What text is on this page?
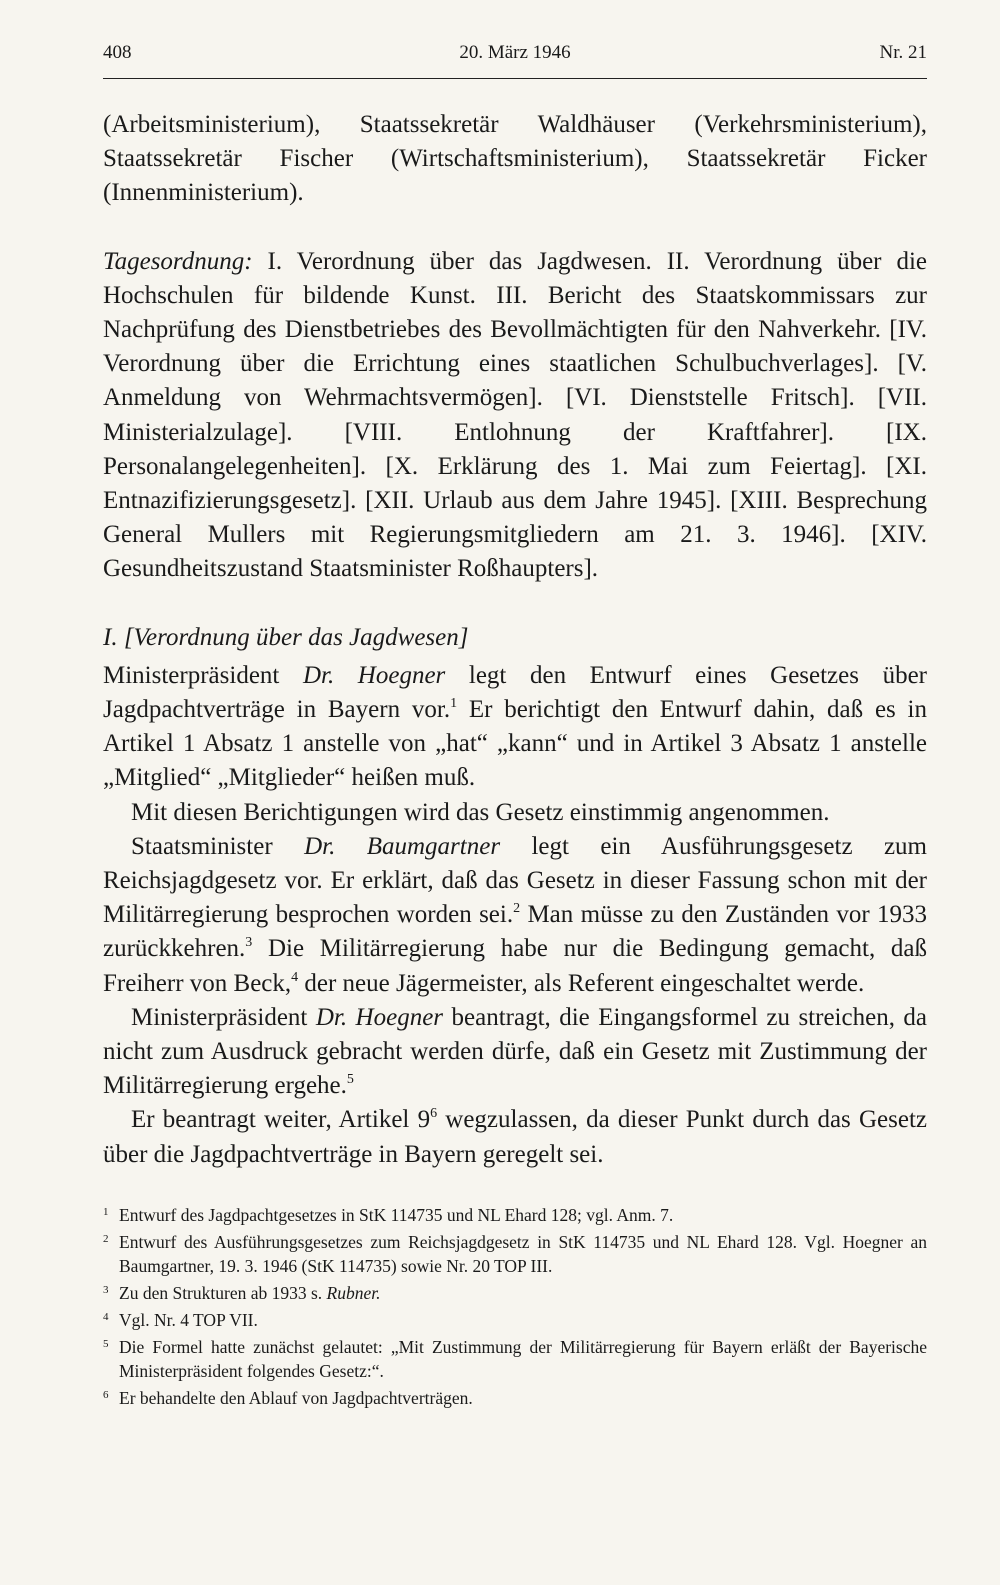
20. März 1946
408	Nr. 21

(Arbeitsministerium), Staatssekretär Waldhäuser (Verkehrsministerium), Staatssekretär Fischer (Wirtschaftsministerium), Staatssekretär Ficker (Innenministerium).

Tagesordnung: I. Verordnung über das Jagdwesen. II. Verordnung über die Hochschulen für bildende Kunst. III. Bericht des Staatskommissars zur Nachprüfung des Dienstbetriebes des Bevollmächtigten für den Nahverkehr. [IV. Verordnung über die Errichtung eines staatlichen Schulbuchverlages]. [V. Anmeldung von Wehrmachtsvermögen]. [VI. Dienststelle Fritsch]. [VII. Ministerialzulage]. [VIII. Entlohnung der Kraftfahrer]. [IX. Personalangelegenheiten]. [X. Erklärung des 1. Mai zum Feiertag]. [XI. Entnazifizierungsgesetz]. [XII. Urlaub aus dem Jahre 1945]. [XIII. Besprechung General Mullers mit Regierungsmitgliedern am 21. 3. 1946]. [XIV. Gesundheitszustand Staatsminister Roßhaupters].

I. [Verordnung über das Jagdwesen]

Ministerpräsident Dr. Hoegner legt den Entwurf eines Gesetzes über Jagdpachtverträge in Bayern vor.$^1$ Er berichtigt den Entwurf dahin, daß es in Artikel 1 Absatz 1 anstelle von „hat“ „kann“ und in Artikel 3 Absatz 1 anstelle „Mitglied“ „Mitglieder“ heißen muß.

Mit diesen Berichtigungen wird das Gesetz einstimmig angenommen.

Staatsminister Dr. Baumgartner legt ein Ausführungsgesetz zum Reichsjagdgesetz vor. Er erklärt, daß das Gesetz in dieser Fassung schon mit der Militärregierung besprochen worden sei.$^2$ Man müsse zu den Zuständen vor 1933 zurückkehren.$^3$ Die Militärregierung habe nur die Bedingung gemacht, daß Freiherr von Beck,$^4$ der neue Jägermeister, als Referent eingeschaltet werde.

Ministerpräsident Dr. Hoegner beantragt, die Eingangsformel zu streichen, da nicht zum Ausdruck gebracht werden dürfe, daß ein Gesetz mit Zustimmung der Militärregierung ergehe.$^5$

Er beantragt weiter, Artikel $9^6$ wegzulassen, da dieser Punkt durch das Gesetz über die Jagdpachtverträge in Bayern geregelt sei.

1 Entwurf des Jagdpachtgesetzes in StK 114735 und NL Ehard 128; vgl. Anm. 7.

2 Entwurf des Ausführungsgesetzes zum Reichsjagdgesetz in StK 114735 und NL Ehard 128. Vgl. Hoegner an Baumgartner, 19. 3. 1946 (StK 114735) sowie Nr. 20 TOP III.

3 Zu den Strukturen ab 1933 s. Rubner.

4 Vgl. Nr. 4 TOP VII.

5 Die Formel hatte zunächst gelautet: „Mit Zustimmung der Militärregierung für Bayern erläßt der Bayerische Ministerpräsident folgendes Gesetz:“.

6 Er behandelte den Ablauf von Jagdpachtverträgen.
